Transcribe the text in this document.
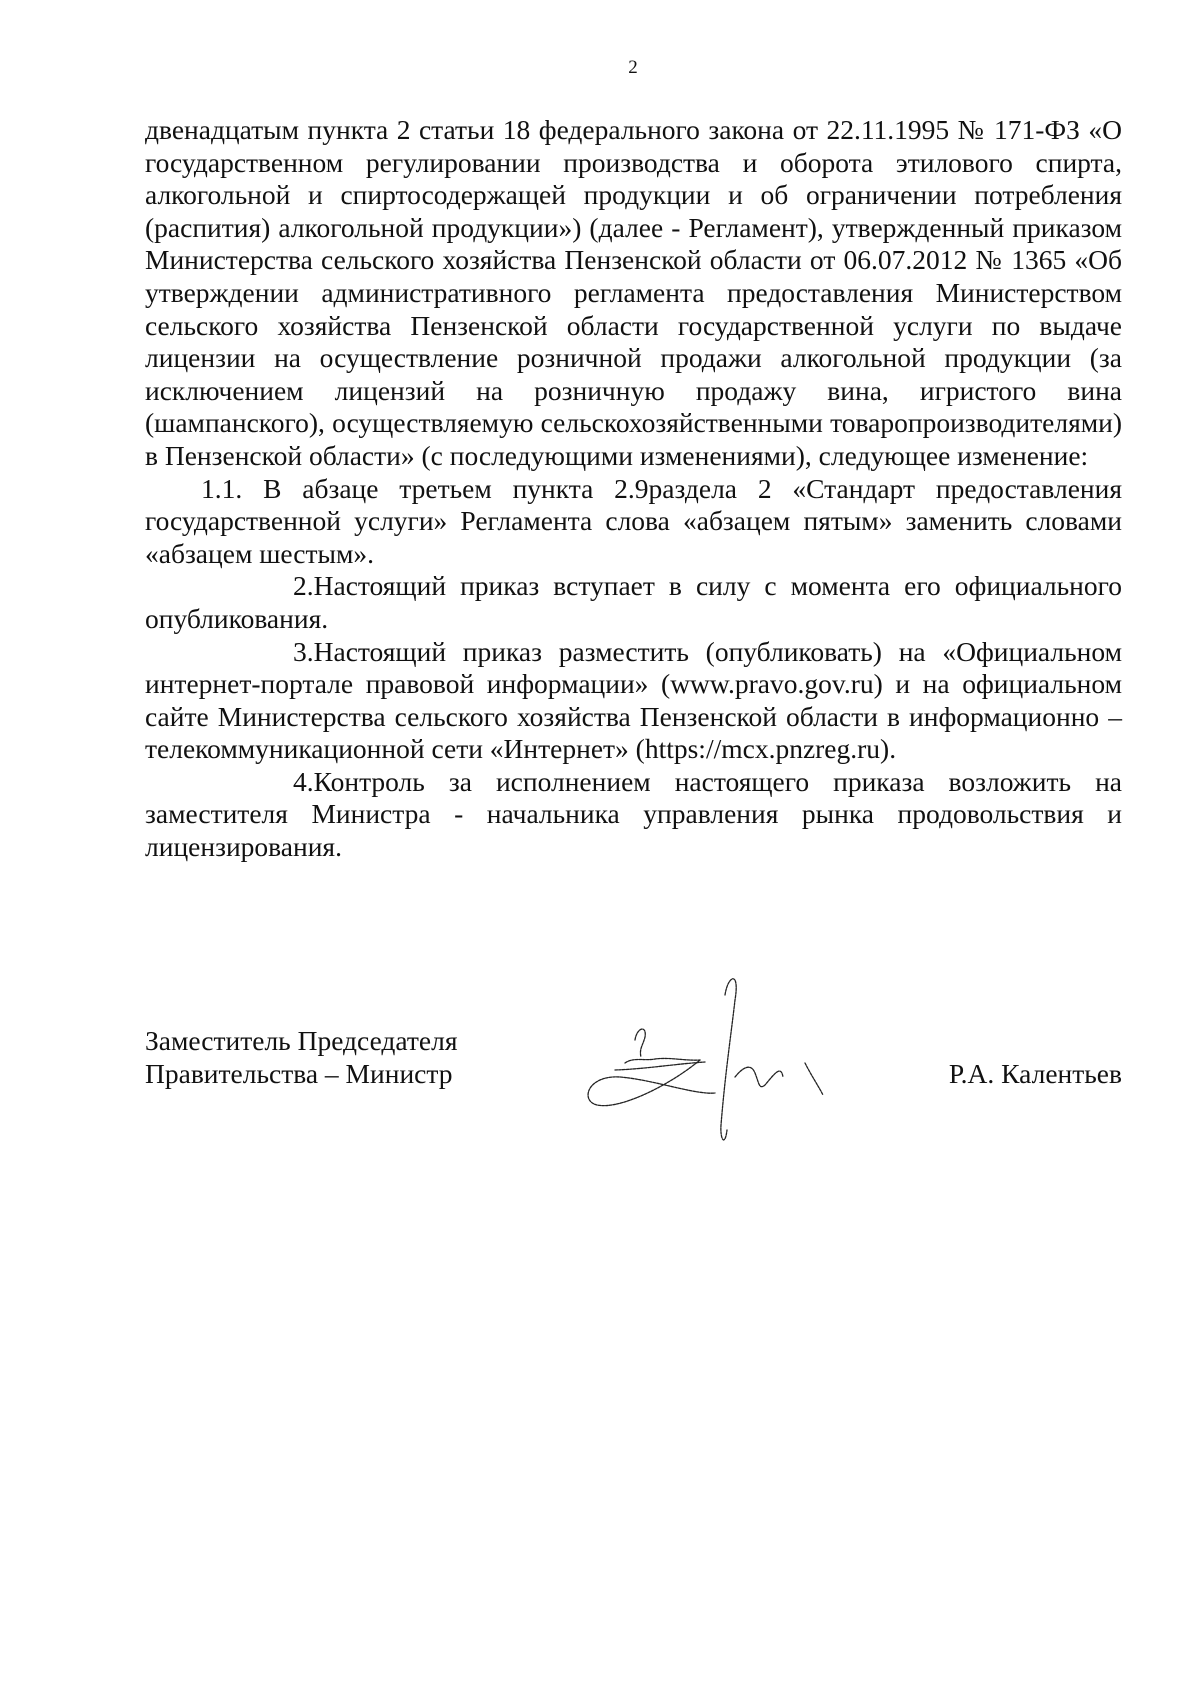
2

двенадцатым пункта 2 статьи 18 федерального закона от 22.11.1995 № 171-ФЗ «О государственном регулировании производства и оборота этилового спирта, алкогольной и спиртосодержащей продукции и об ограничении потребления (распития) алкогольной продукции») (далее - Регламент), утвержденный приказом Министерства сельского хозяйства Пензенской области от 06.07.2012 № 1365 «Об утверждении административного регламента предоставления Министерством сельского хозяйства Пензенской области государственной услуги по выдаче лицензии на осуществление розничной продажи алкогольной продукции (за исключением лицензий на розничную продажу вина, игристого вина (шампанского), осуществляемую сельскохозяйственными товаропроизводителями) в Пензенской области» (с последующими изменениями), следующее изменение:

1.1. В абзаце третьем пункта 2.9раздела 2 «Стандарт предоставления государственной услуги» Регламента слова «абзацем пятым» заменить словами «абзацем шестым».

2.Настоящий приказ вступает в силу с момента его официального опубликования.

3.Настоящий приказ разместить (опубликовать) на «Официальном интернет-портале правовой информации» (www.pravo.gov.ru) и на официальном сайте Министерства сельского хозяйства Пензенской области в информационно – телекоммуникационной сети «Интернет» (https://mcx.pnzreg.ru).

4.Контроль за исполнением настоящего приказа возложить на заместителя Министра - начальника управления рынка продовольствия и лицензирования.

Заместитель Председателя
Правительства – Министр	Р.А. Калентьев
